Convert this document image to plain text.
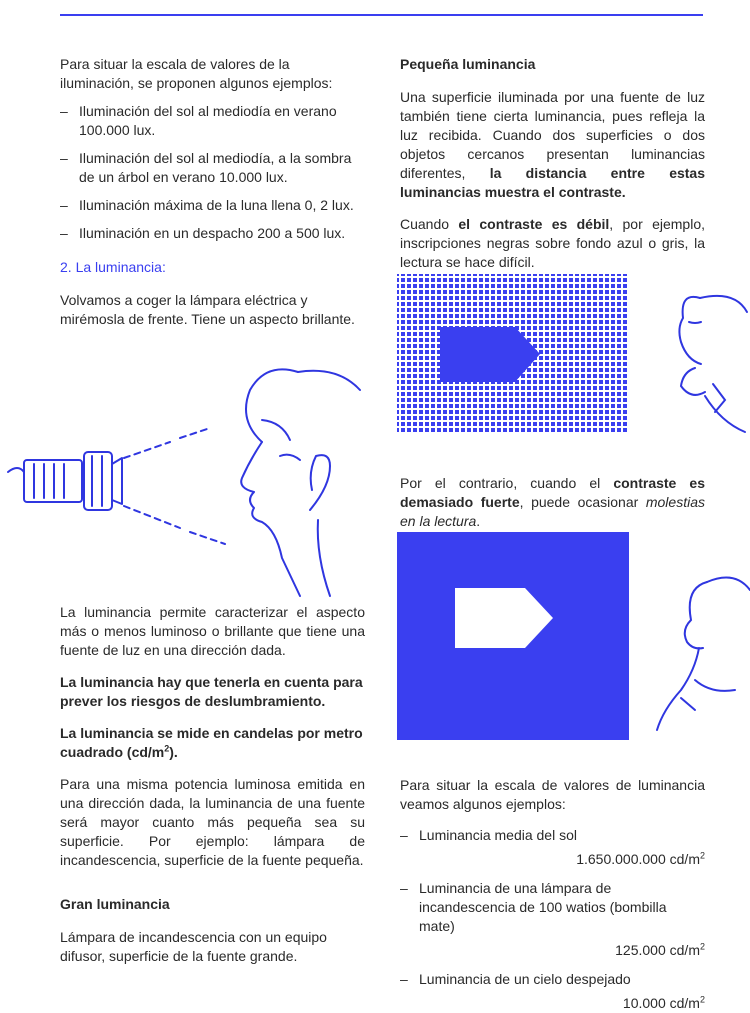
Para situar la escala de valores de la iluminación, se proponen algunos ejemplos:

– Iluminación del sol al mediodía en verano 100.000 lux.
– Iluminación del sol al mediodía, a la sombra de un árbol en verano 10.000 lux.
– Iluminación máxima de la luna llena 0, 2 lux.
– Iluminación en un despacho 200 a 500 lux.

2. La luminancia:

Volvamos a coger la lámpara eléctrica y mirémosla de frente. Tiene un aspecto brillante.

La luminancia permite caracterizar el aspecto más o menos luminoso o brillante que tiene una fuente de luz en una dirección dada.

La luminancia hay que tenerla en cuenta para prever los riesgos de deslumbramiento.

La luminancia se mide en candelas por metro cuadrado $(cd/m^2)$.

Para una misma potencia luminosa emitida en una dirección dada, la luminancia de una fuente será mayor cuanto más pequeña sea su superficie. Por ejemplo: lámpara de incandescencia, superficie de la fuente pequeña.

Gran luminancia

Lámpara de incandescencia con un equipo difusor, superficie de la fuente grande.

Pequeña luminancia

Una superficie iluminada por una fuente de luz también tiene cierta luminancia, pues refleja la luz recibida. Cuando dos superficies o dos objetos cercanos presentan luminancias diferentes, la distancia entre estas luminancias muestra el contraste.

Cuando el contraste es débil, por ejemplo, inscripciones negras sobre fondo azul o gris, la lectura se hace difícil.

Por el contrario, cuando el contraste es demasiado fuerte, puede ocasionar molestias en la lectura.

Para situar la escala de valores de luminancia veamos algunos ejemplos:

– Luminancia media del sol
1.650.000.000 $cd/m^2$
– Luminancia de una lámpara de incandescencia de 100 watios (bombilla mate)
125.000 $cd/m^2$
– Luminancia de un cielo despejado
10.000 $cd/m^2$
